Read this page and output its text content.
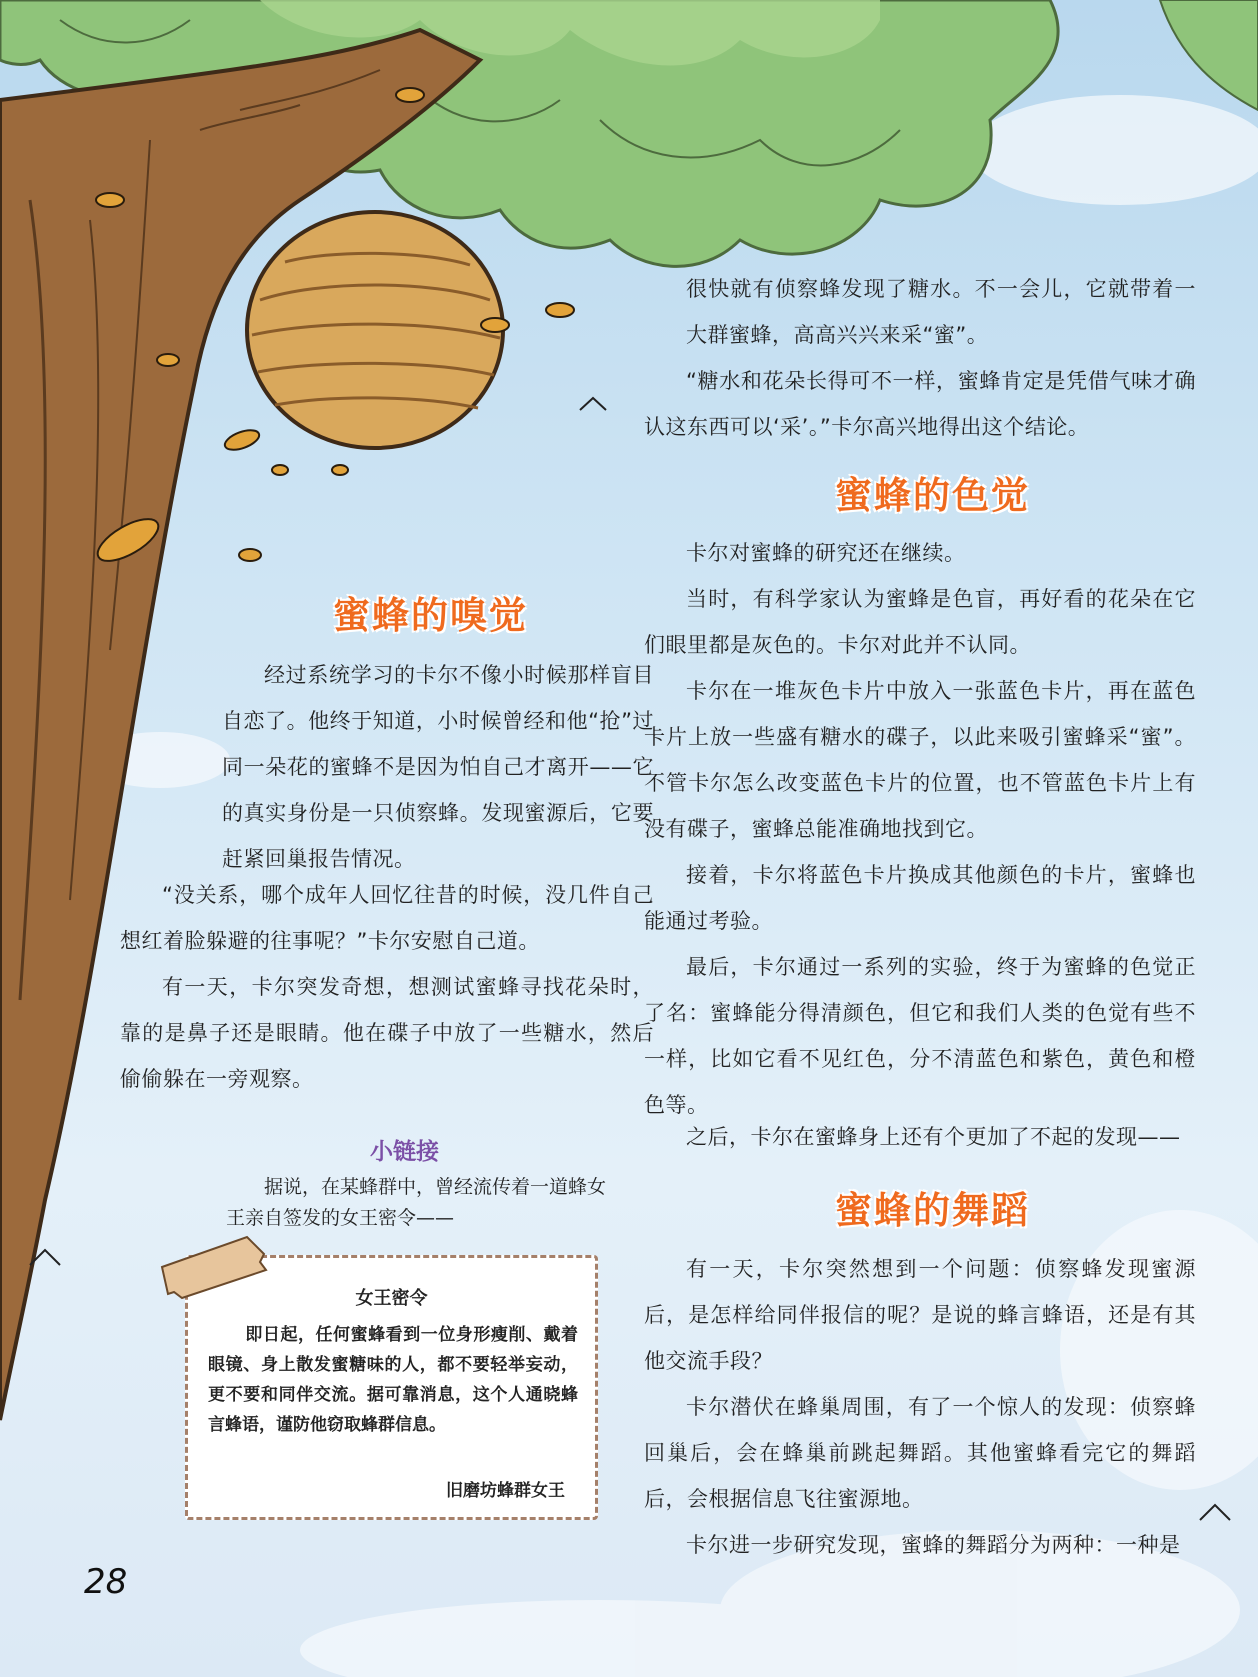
很快就有侦察蜂发现了糖水。不一会儿，它就带着一大群蜜蜂，高高兴兴来采“蜜”。

“糖水和花朵长得可不一样，蜜蜂肯定是凭借气味才确认这东西可以‘采’。”卡尔高兴地得出这个结论。

蜜蜂的色觉

卡尔对蜜蜂的研究还在继续。

当时，有科学家认为蜜蜂是色盲，再好看的花朵在它们眼里都是灰色的。卡尔对此并不认同。

卡尔在一堆灰色卡片中放入一张蓝色卡片，再在蓝色卡片上放一些盛有糖水的碟子，以此来吸引蜜蜂采“蜜”。不管卡尔怎么改变蓝色卡片的位置，也不管蓝色卡片上有没有碟子，蜜蜂总能准确地找到它。

接着，卡尔将蓝色卡片换成其他颜色的卡片，蜜蜂也能通过考验。

最后，卡尔通过一系列的实验，终于为蜜蜂的色觉正了名：蜜蜂能分得清颜色，但它和我们人类的色觉有些不一样，比如它看不见红色，分不清蓝色和紫色，黄色和橙色等。

之后，卡尔在蜜蜂身上还有个更加了不起的发现——

蜜蜂的舞蹈

有一天，卡尔突然想到一个问题：侦察蜂发现蜜源后，是怎样给同伴报信的呢？是说的蜂言蜂语，还是有其他交流手段？

卡尔潜伏在蜂巢周围，有了一个惊人的发现：侦察蜂回巢后，会在蜂巢前跳起舞蹈。其他蜜蜂看完它的舞蹈后，会根据信息飞往蜜源地。

卡尔进一步研究发现，蜜蜂的舞蹈分为两种：一种是

蜜蜂的嗅觉

经过系统学习的卡尔不像小时候那样盲目自恋了。他终于知道，小时候曾经和他“抢”过同一朵花的蜜蜂不是因为怕自己才离开——它的真实身份是一只侦察蜂。发现蜜源后，它要赶紧回巢报告情况。

“没关系，哪个成年人回忆往昔的时候，没几件自己想红着脸躲避的往事呢？”卡尔安慰自己道。

有一天，卡尔突发奇想，想测试蜜蜂寻找花朵时，靠的是鼻子还是眼睛。他在碟子中放了一些糖水，然后偷偷躲在一旁观察。

小链接

据说，在某蜂群中，曾经流传着一道蜂女王亲自签发的女王密令——

女王密令

即日起，任何蜜蜂看到一位身形瘦削、戴着眼镜、身上散发蜜糖味的人，都不要轻举妄动，更不要和同伴交流。据可靠消息，这个人通晓蜂言蜂语，谨防他窃取蜂群信息。

旧磨坊蜂群女王

28
